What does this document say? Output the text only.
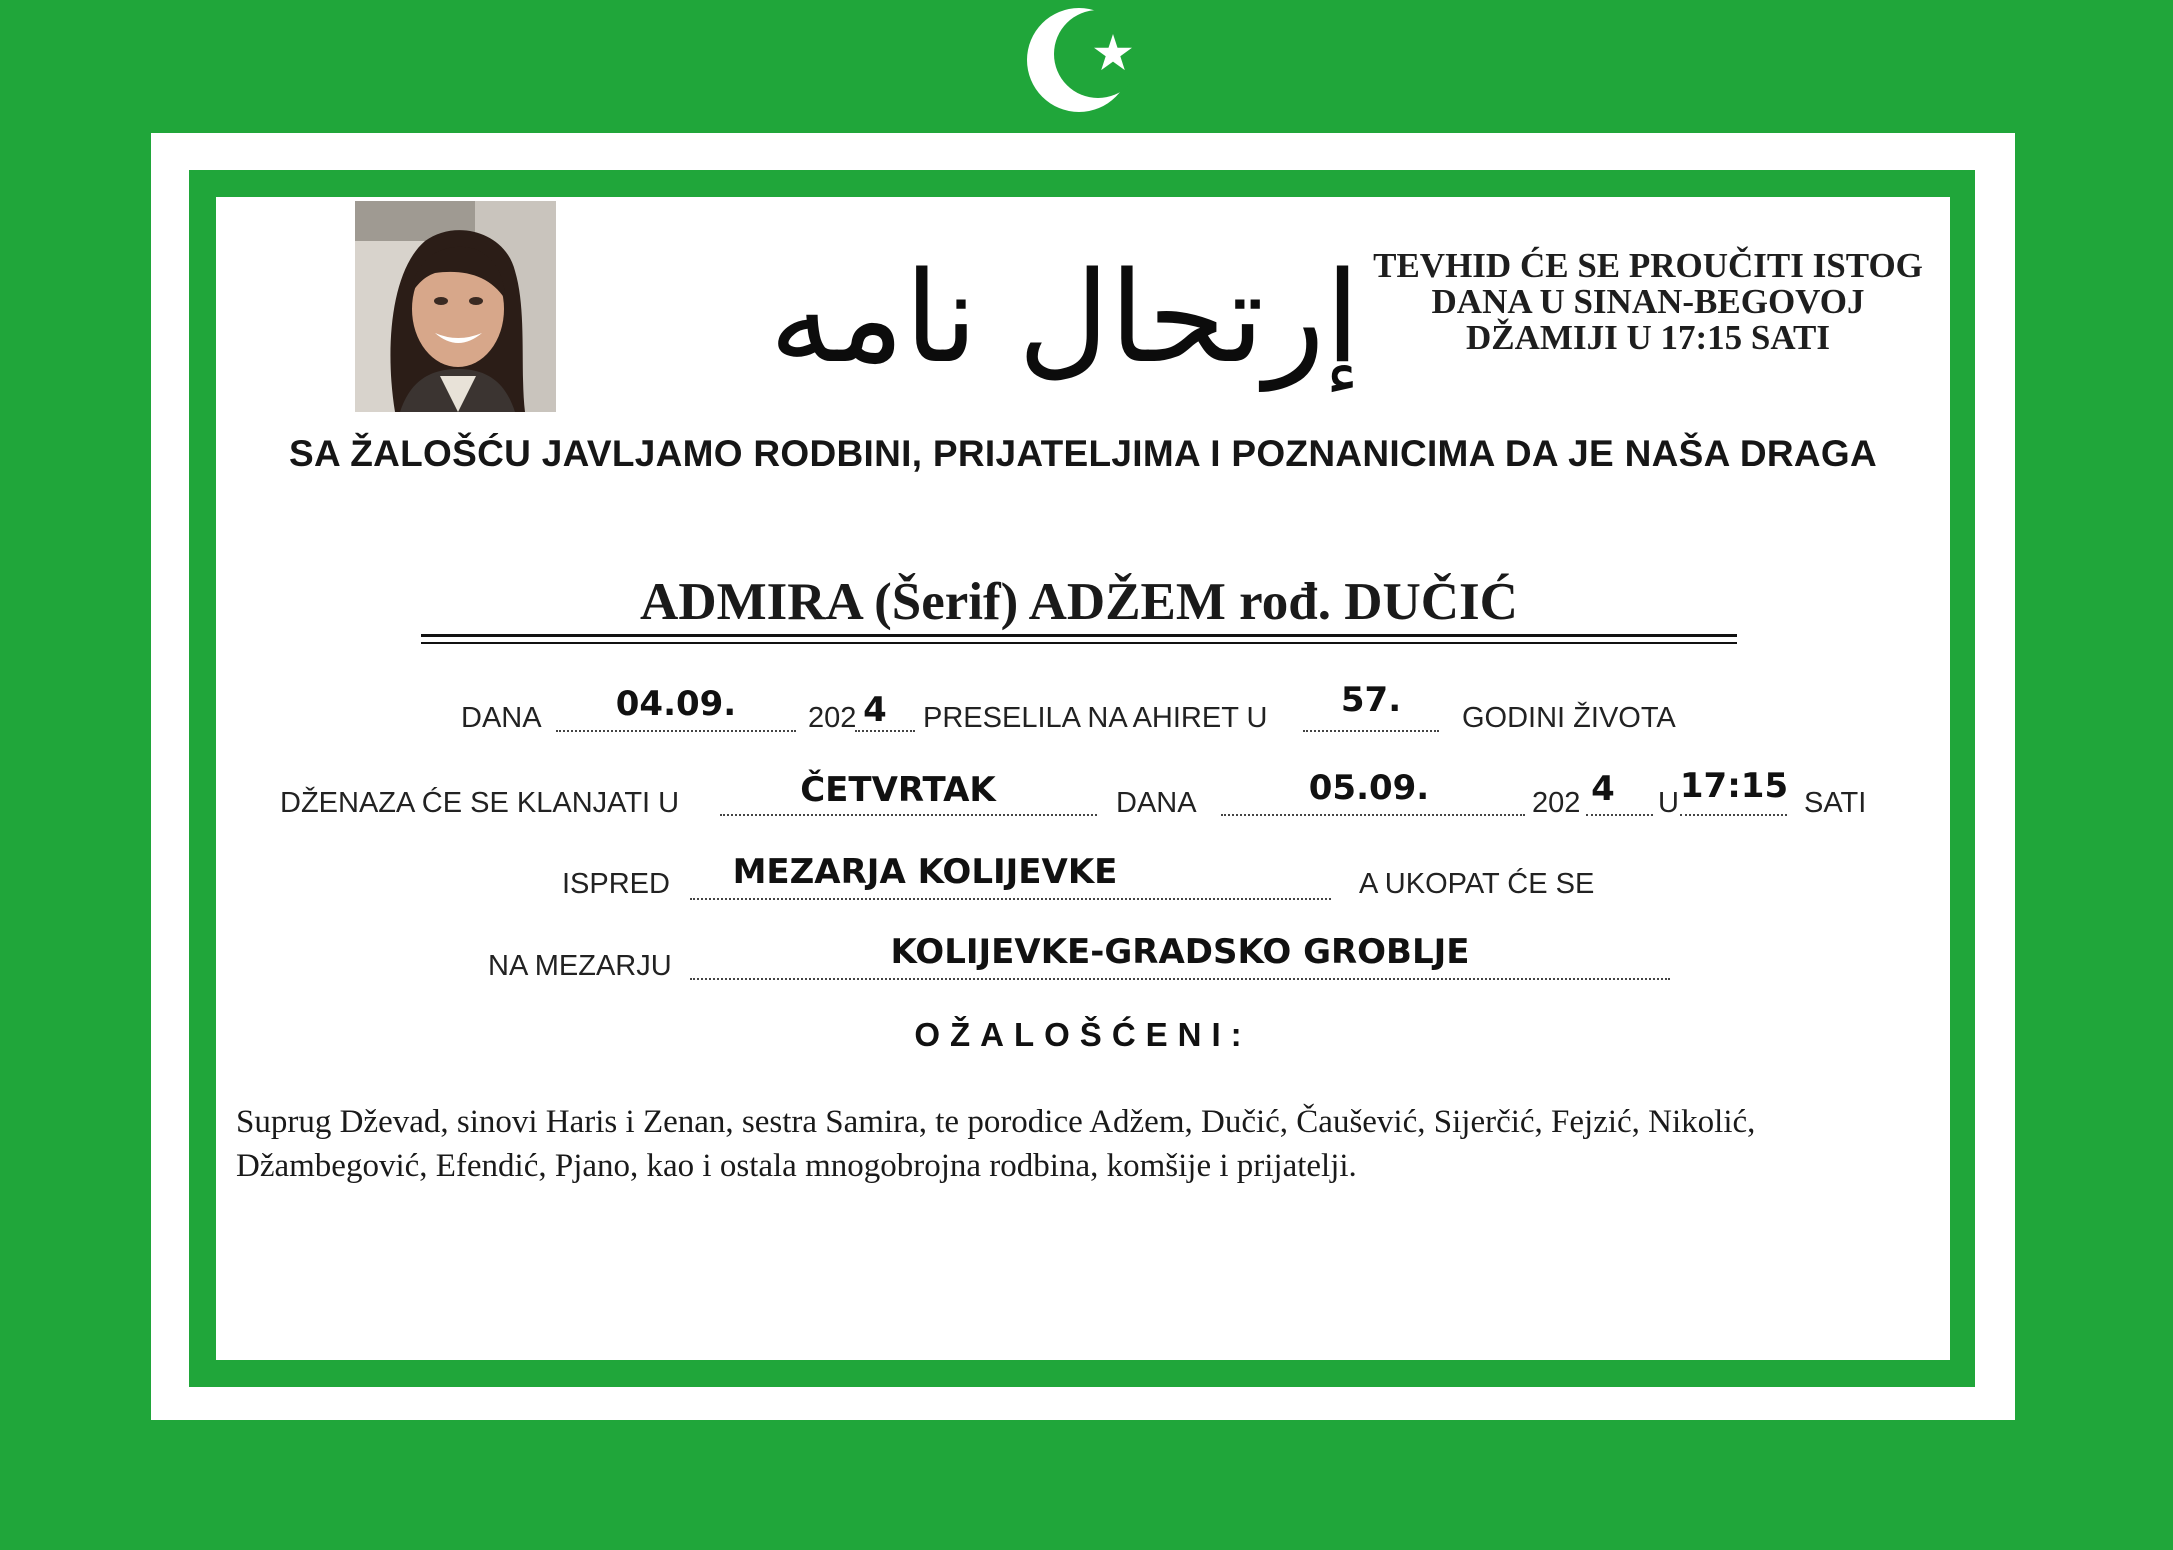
إرتحال نامه TEVHID ĆE SE PROUČITI ISTOG
DANA U SINAN-BEGOVOJ
DŽAMIJI U 17:15 SATI
SA ŽALOŠĆU JAVLJAMO RODBINI, PRIJATELJIMA I POZNANICIMA DA JE NAŠA DRAGA
ADMIRA (Šerif) ADŽEM rođ. DUČIĆ
DANA	04.09.	202 4 PRESELILA NA AHIRET U	57.	GODINI ŽIVOTA
DŽENAZA ĆE SE KLANJATI U	ČETVRTAK	DANA	05.09.	202 4 U 17:15 SATI
ISPRED	MEZARJA KOLIJEVKE	A UKOPAT ĆE SE
NA MEZARJU	KOLIJEVKE-GRADSKO GROBLJE
OŽALOŠĆENI:
Suprug Dževad, sinovi Haris i Zenan, sestra Samira, te porodice Adžem, Dučić, Čaušević, Sijerčić, Fejzić, Nikolić, Džambegović, Efendić, Pjano, kao i ostala mnogobrojna rodbina, komšije i prijatelji.
